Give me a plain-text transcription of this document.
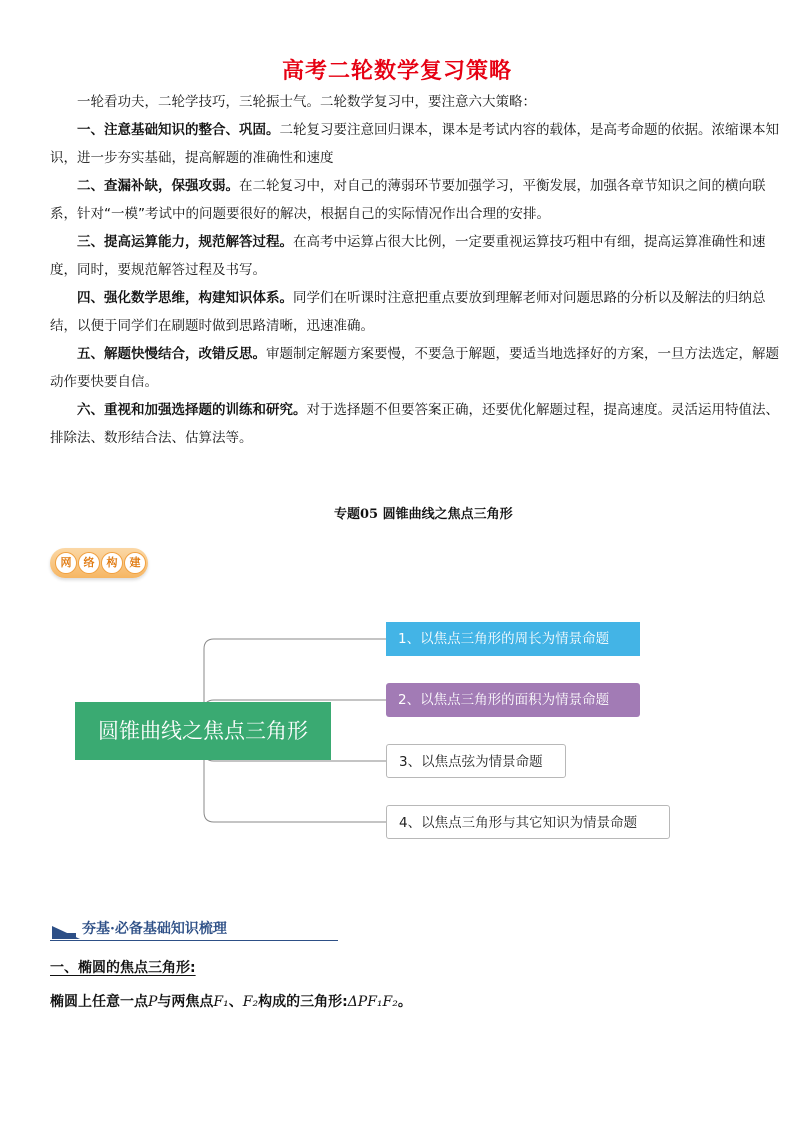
高考二轮数学复习策略

一轮看功夫，二轮学技巧，三轮振士气。二轮数学复习中，要注意六大策略：

一、注意基础知识的整合、巩固。二轮复习要注意回归课本，课本是考试内容的载体，是高考命题的依据。浓缩课本知识，进一步夯实基础，提高解题的准确性和速度

二、查漏补缺，保强攻弱。在二轮复习中，对自己的薄弱环节要加强学习，平衡发展，加强各章节知识之间的横向联系，针对“一模”考试中的问题要很好的解决，根据自己的实际情况作出合理的安排。

三、提高运算能力，规范解答过程。在高考中运算占很大比例，一定要重视运算技巧粗中有细，提高运算准确性和速度，同时，要规范解答过程及书写。

四、强化数学思维，构建知识体系。同学们在听课时注意把重点要放到理解老师对问题思路的分析以及解法的归纳总结，以便于同学们在刷题时做到思路清晰，迅速准确。

五、解题快慢结合，改错反思。审题制定解题方案要慢，不要急于解题，要适当地选择好的方案，一旦方法选定，解题动作要快要自信。

六、重视和加强选择题的训练和研究。对于选择题不但要答案正确，还要优化解题过程，提高速度。灵活运用特值法、排除法、数形结合法、估算法等。

专题05 圆锥曲线之焦点三角形
网	络	构	建
圆锥曲线之焦点三角形
1、以焦点三角形的周长为情景命题
2、以焦点三角形的面积为情景命题
3、以焦点弦为情景命题
4、以焦点三角形与其它知识为情景命题
夯基·必备基础知识梳理
一、椭圆的焦点三角形:
椭圆上任意一点P与两焦点F₁、F₂构成的三角形:ΔPF₁F₂。
